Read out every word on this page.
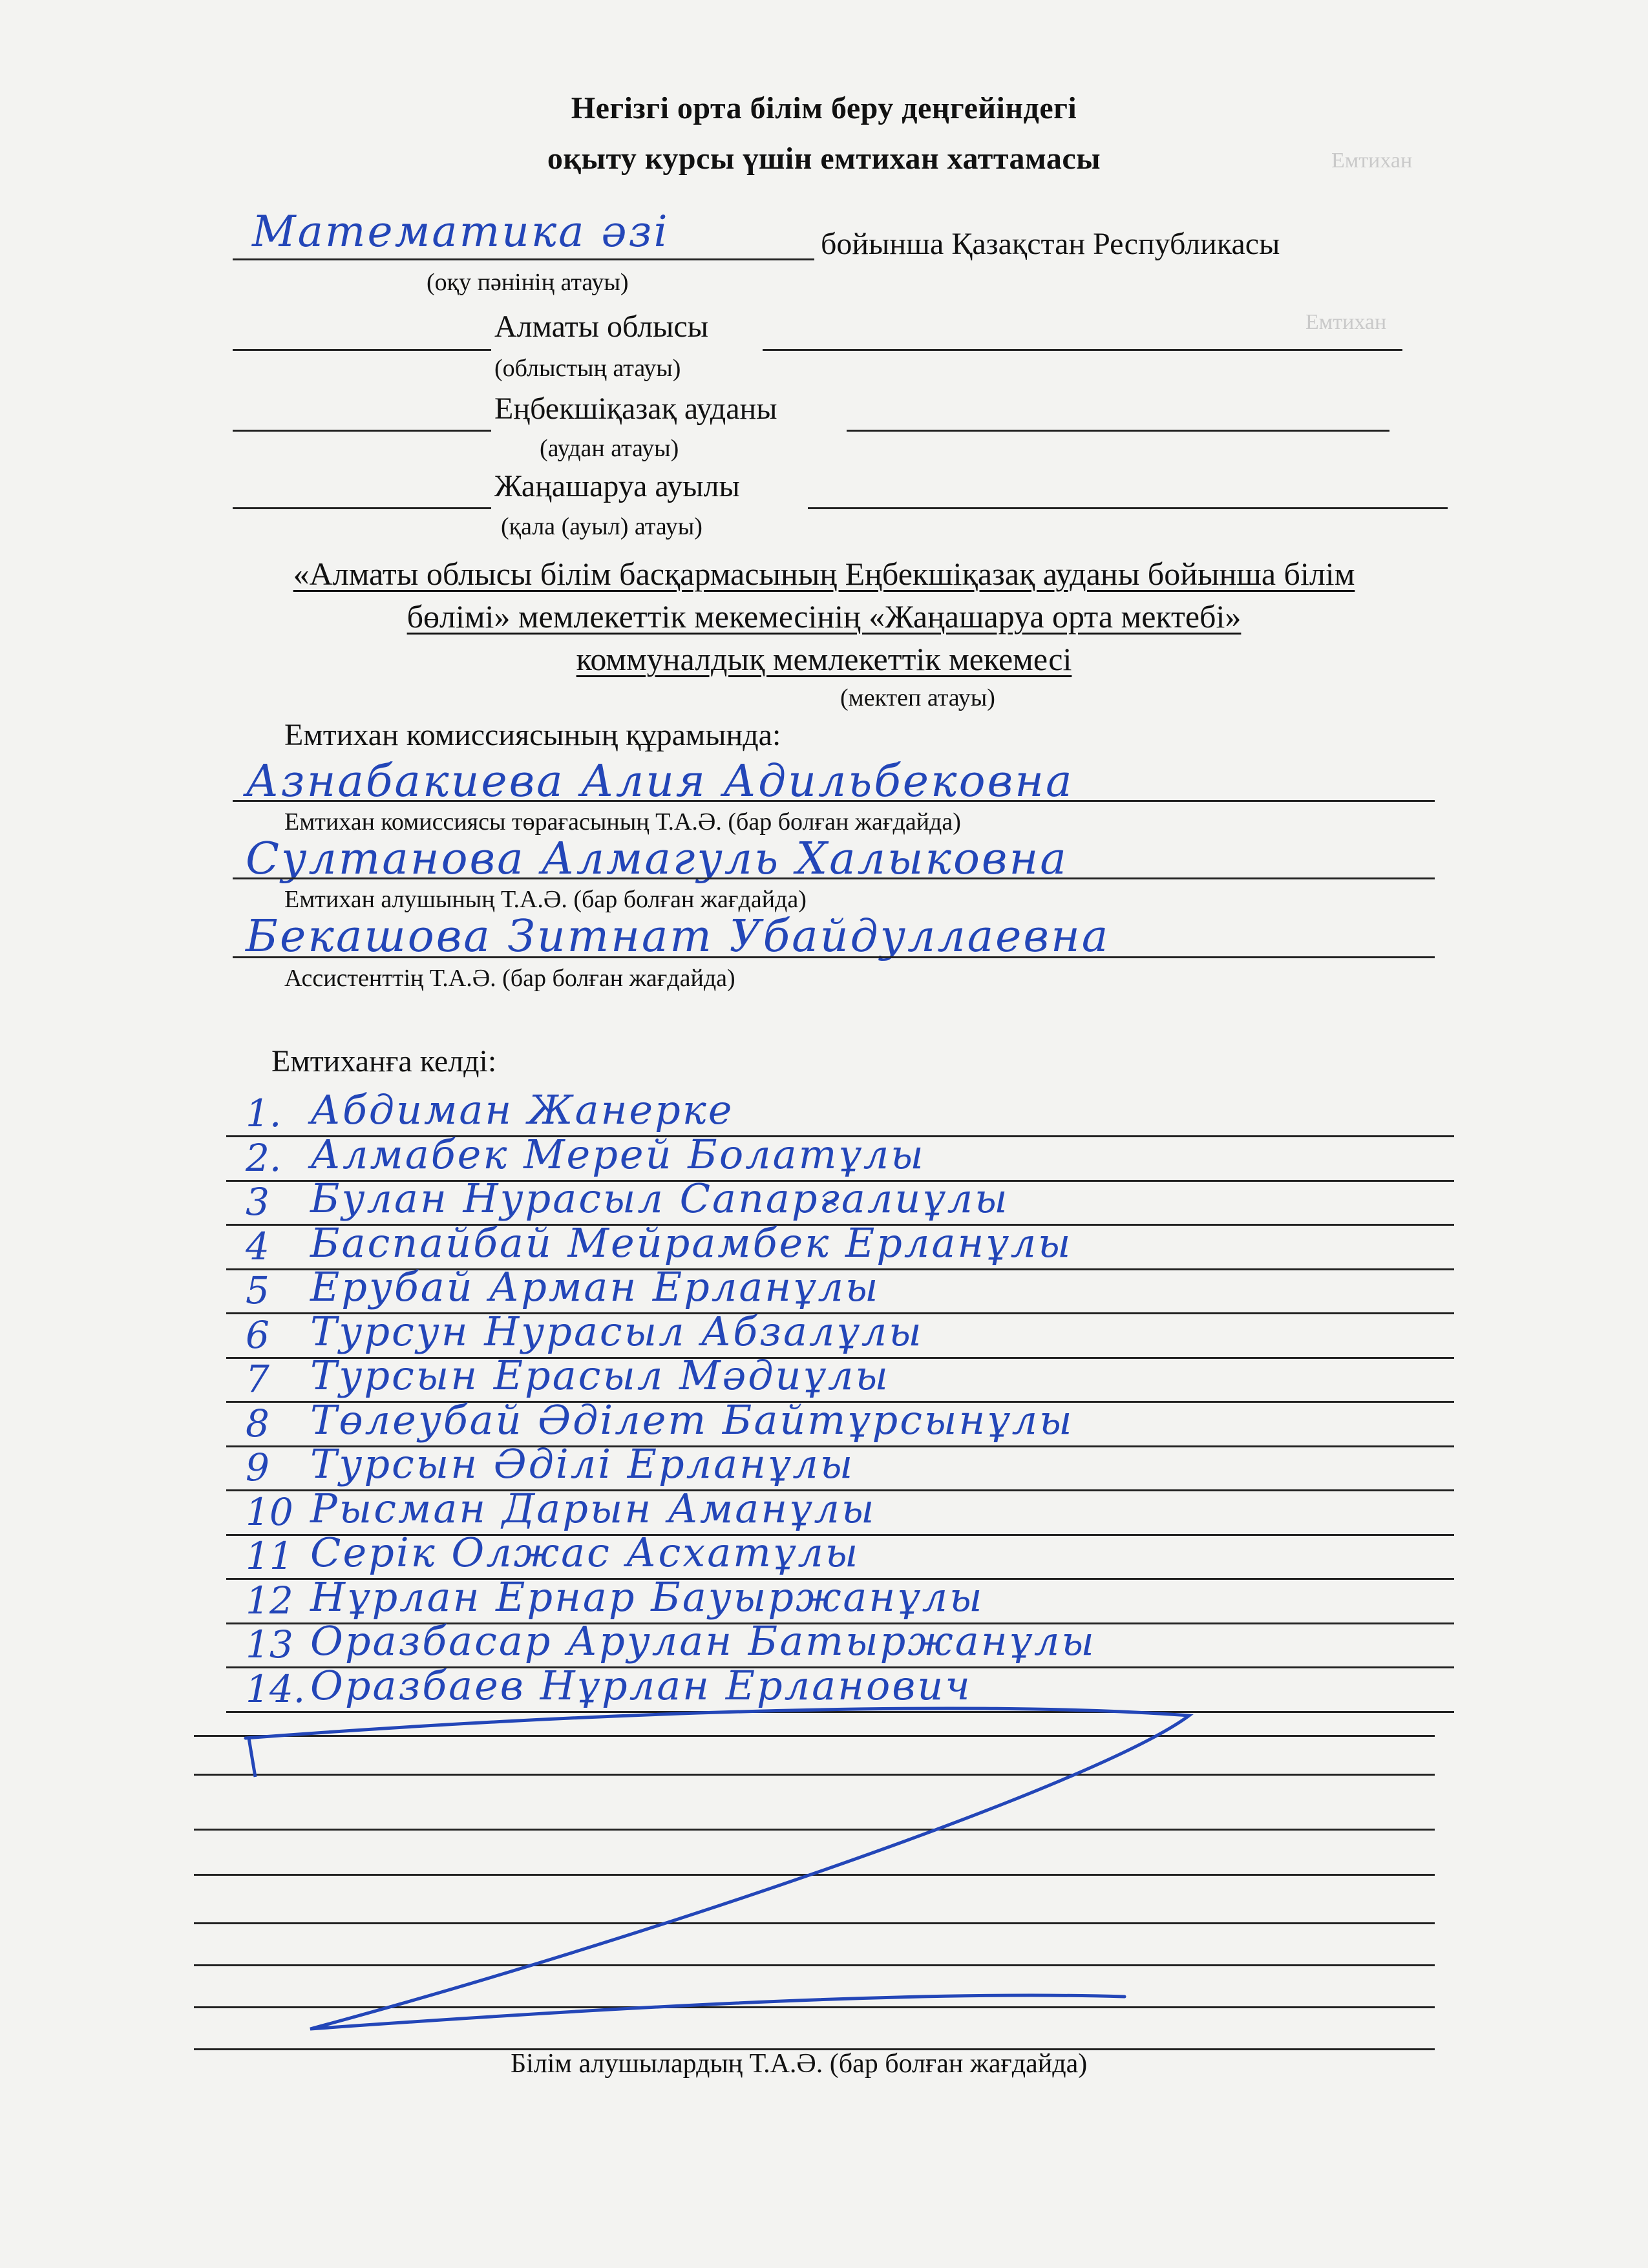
Емтихан
Емтихан
Негізгі орта білім беру деңгейіндегі
оқыту курсы үшін емтихан хаттамасы
Математика әзі	бойынша Қазақстан Республикасы
(оқу пәнінің атауы)
Алматы облысы
(облыстың атауы)
Еңбекшіқазақ ауданы
(аудан атауы)
Жаңашаруа ауылы
(қала (ауыл) атауы)
«Алматы облысы білім басқармасының Еңбекшіқазақ ауданы бойынша білім
бөлімі» мемлекеттік мекемесінің «Жаңашаруа орта мектебі»
коммуналдық мемлекеттік мекемесі
(мектеп атауы)
Емтихан комиссиясының құрамында:
Азнабакиева Алия Адильбековна
Емтихан комиссиясы төрағасының Т.А.Ә. (бар болған жағдайда)
Султанова Алмагуль Халыковна
Емтихан алушының Т.А.Ә. (бар болған жағдайда)
Бекашова Зитнат Убайдуллаевна
Ассистенттің Т.А.Ә. (бар болған жағдайда)
Емтиханға келді:
1. Абдиман Жанерке
2. Алмабек Мерей Болатұлы
3 Булан Нурасыл Сапарғалиұлы
4 Баспайбай Мейрамбек Ерланұлы
5 Ерубай Арман Ерланұлы
6 Турсун Нурасыл Абзалұлы
7 Турсын Ерасыл Мәдиұлы
8 Төлеубай Әділет Байтұрсынұлы
9 Турсын Әділі Ерланұлы
10 Рысман Дарын Аманұлы
11 Серік Олжас Асхатұлы
12 Нұрлан Ернар Бауыржанұлы
13 Оразбасар Арулан Батыржанұлы
14. Оразбаев Нұрлан Ерланович
Білім алушылардың Т.А.Ә. (бар болған жағдайда)
